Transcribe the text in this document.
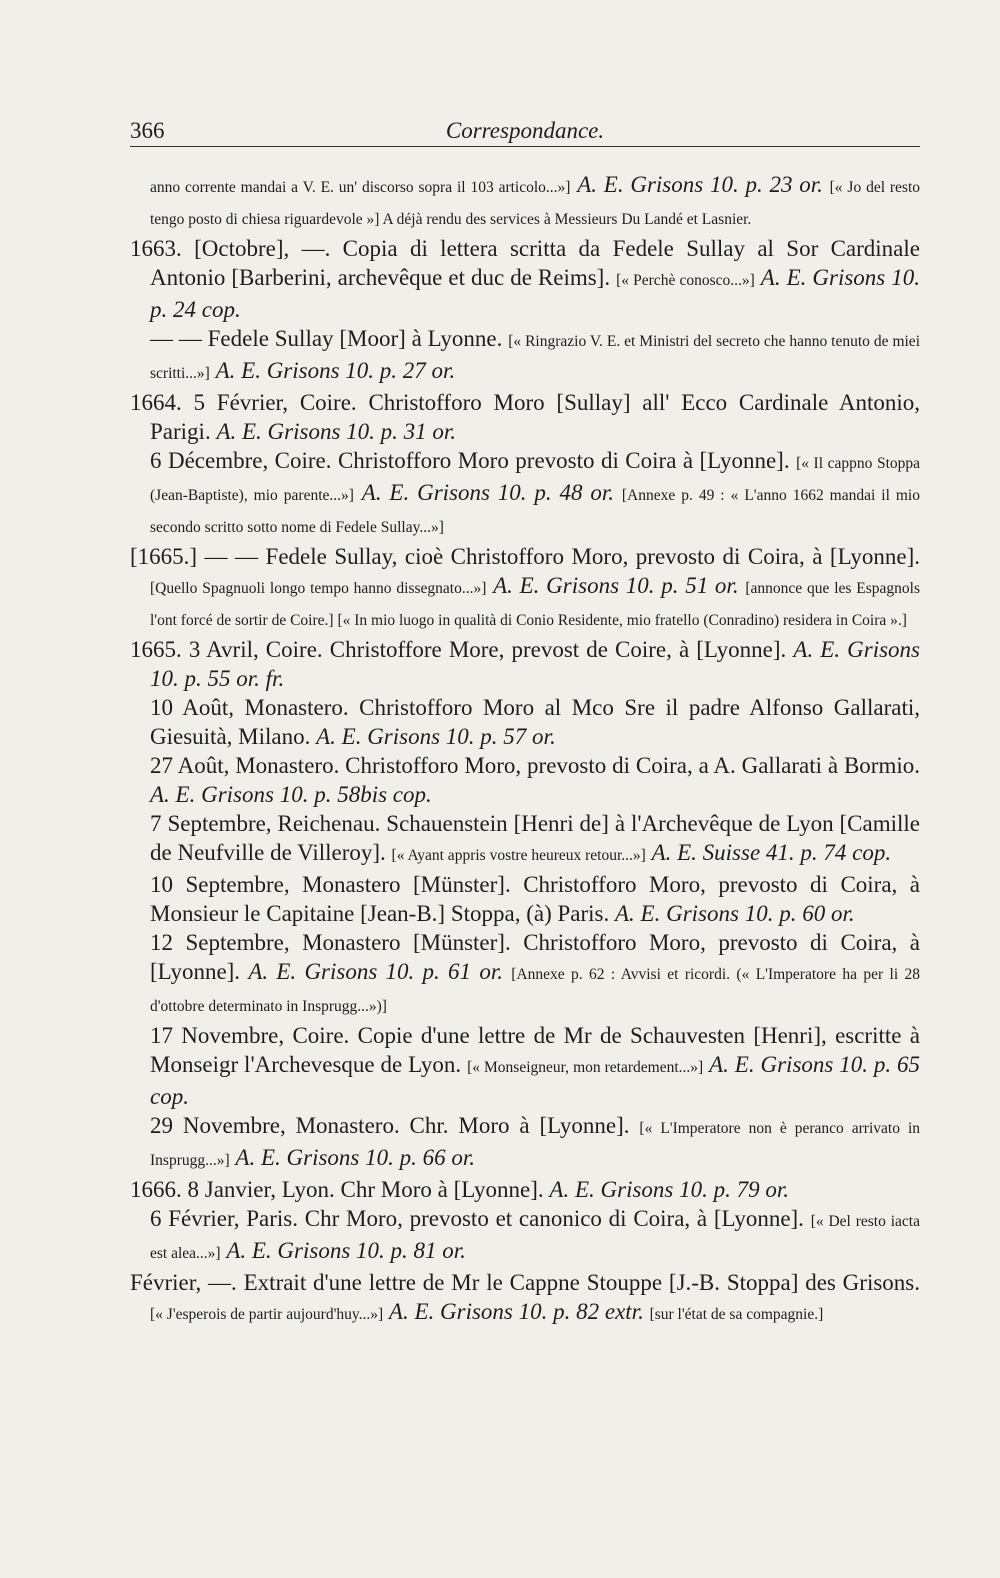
366	Correspondance.

anno corrente mandai a V. E. un' discorso sopra il 103 articolo...»] A. E. Grisons 10. p. 23 or. [« Jo del resto tengo posto di chiesa riguardevole »] A déjà rendu des services à Messieurs Du Landé et Lasnier.

1663. [Octobre], —. Copia di lettera scritta da Fedele Sullay al Sor Cardinale Antonio [Barberini, archevêque et duc de Reims]. [« Perchè conosco...»] A. E. Grisons 10. p. 24 cop.

— — Fedele Sullay [Moor] à Lyonne. [« Ringrazio V. E. et Ministri del secreto che hanno tenuto de miei scritti...»] A. E. Grisons 10. p. 27 or.

1664. 5 Février, Coire. Christofforo Moro [Sullay] all' Ecco Cardinale Antonio, Parigi. A. E. Grisons 10. p. 31 or.

6 Décembre, Coire. Christofforo Moro prevosto di Coira à [Lyonne]. [« Il cappno Stoppa (Jean-Baptiste), mio parente...»] A. E. Grisons 10. p. 48 or. [Annexe p. 49 : « L'anno 1662 mandai il mio secondo scritto sotto nome di Fedele Sullay...»]

[1665.] — — Fedele Sullay, cioè Christofforo Moro, prevosto di Coira, à [Lyonne]. [Quello Spagnuoli longo tempo hanno dissegnato...»] A. E. Grisons 10. p. 51 or. [annonce que les Espagnols l'ont forcé de sortir de Coire.] [« In mio luogo in qualità di Conio Residente, mio fratello (Conradino) residera in Coira ».]

1665. 3 Avril, Coire. Christoffore More, prevost de Coire, à [Lyonne]. A. E. Grisons 10. p. 55 or. fr.

10 Août, Monastero. Christofforo Moro al Mco Sre il padre Alfonso Gallarati, Giesuità, Milano. A. E. Grisons 10. p. 57 or.

27 Août, Monastero. Christofforo Moro, prevosto di Coira, a A. Gallarati à Bormio. A. E. Grisons 10. p. 58bis cop.

7 Septembre, Reichenau. Schauenstein [Henri de] à l'Archevêque de Lyon [Camille de Neufville de Villeroy]. [« Ayant appris vostre heureux retour...»] A. E. Suisse 41. p. 74 cop.

10 Septembre, Monastero [Münster]. Christofforo Moro, prevosto di Coira, à Monsieur le Capitaine [Jean-B.] Stoppa, (à) Paris. A. E. Grisons 10. p. 60 or.

12 Septembre, Monastero [Münster]. Christofforo Moro, prevosto di Coira, à [Lyonne]. A. E. Grisons 10. p. 61 or. [Annexe p. 62 : Avvisi et ricordi. (« L'Imperatore ha per li 28 d'ottobre determinato in Insprugg...»)]

17 Novembre, Coire. Copie d'une lettre de Mr de Schauvesten [Henri], escritte à Monseigr l'Archevesque de Lyon. [« Monseigneur, mon retardement...»] A. E. Grisons 10. p. 65 cop.

29 Novembre, Monastero. Chr. Moro à [Lyonne]. [« L'Imperatore non è peranco arrivato in Insprugg...»] A. E. Grisons 10. p. 66 or.

1666. 8 Janvier, Lyon. Chr Moro à [Lyonne]. A. E. Grisons 10. p. 79 or.

6 Février, Paris. Chr Moro, prevosto et canonico di Coira, à [Lyonne]. [« Del resto iacta est alea...»] A. E. Grisons 10. p. 81 or.

Février, —. Extrait d'une lettre de Mr le Cappne Stouppe [J.-B. Stoppa] des Grisons. [« J'esperois de partir aujourd'huy...»] A. E. Grisons 10. p. 82 extr. [sur l'état de sa compagnie.]
